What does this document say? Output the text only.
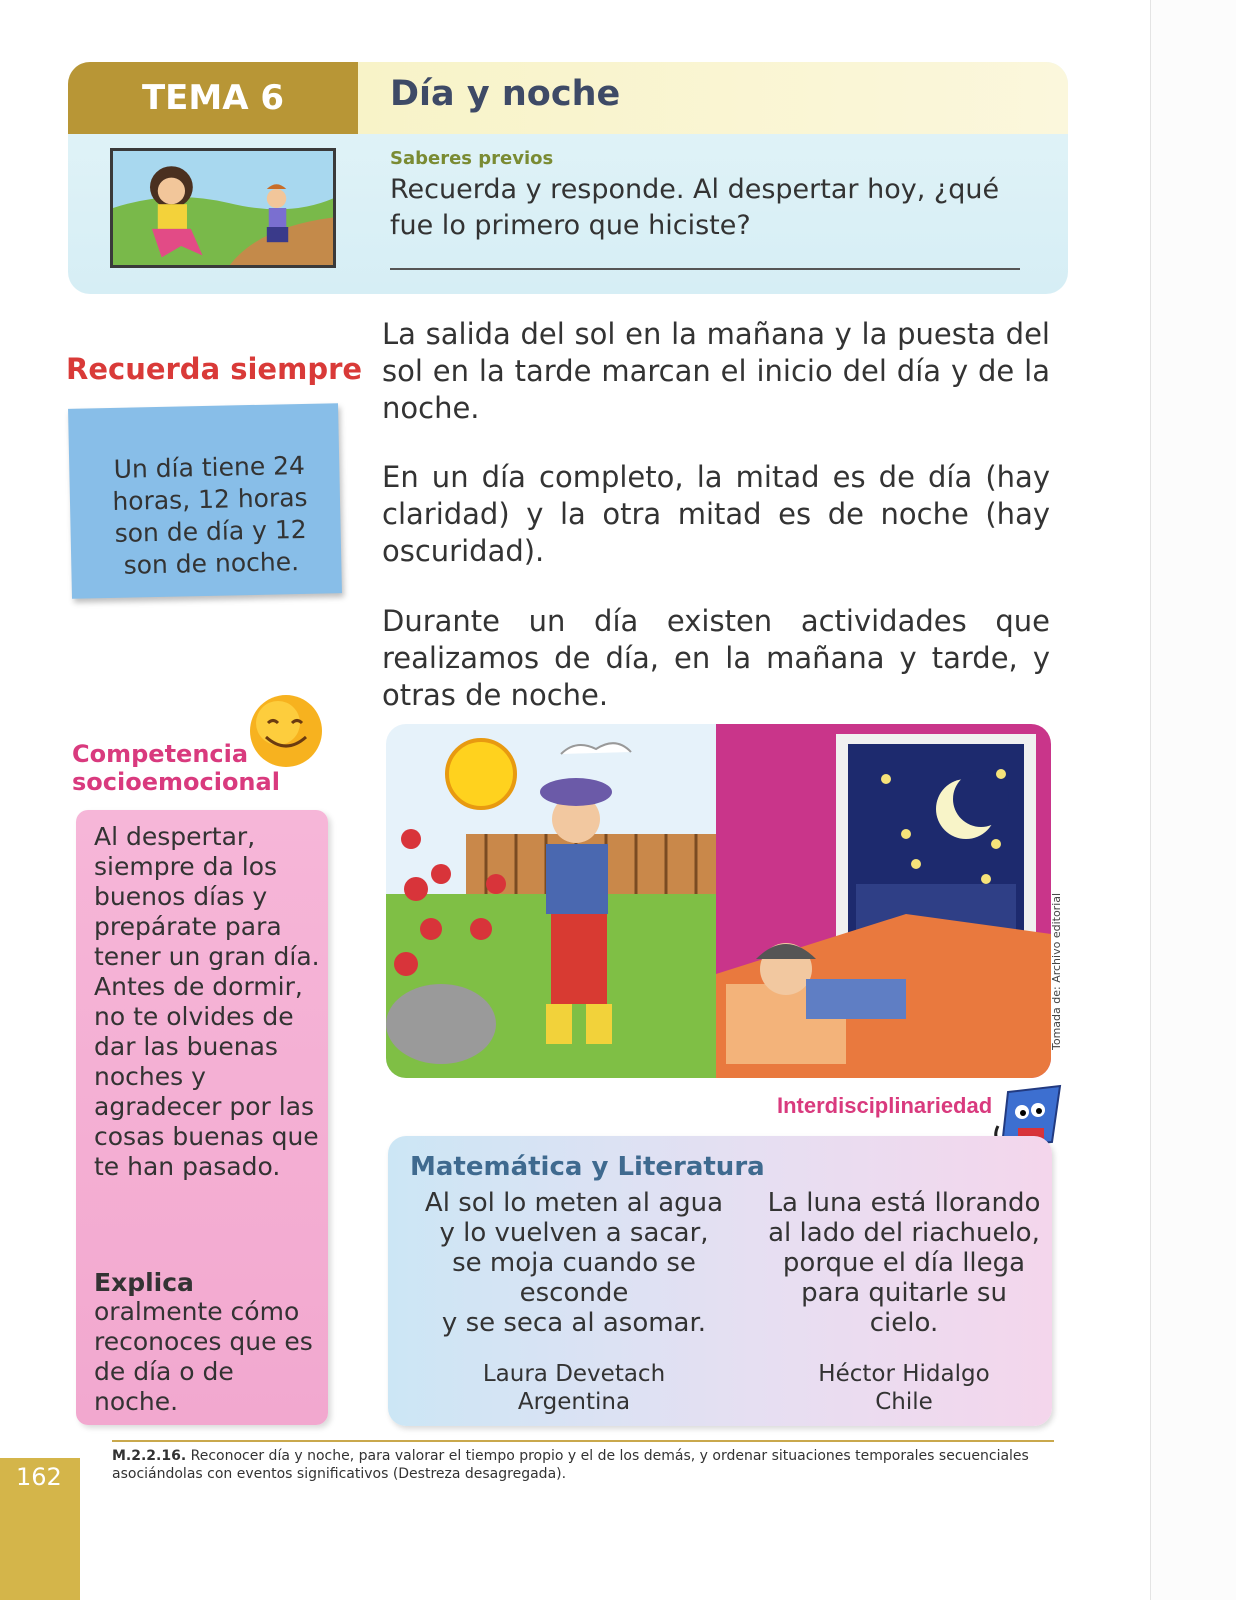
TEMA 6	Día y noche
Saberes previos
Recuerda y responde. Al despertar hoy, ¿qué fue lo primero que hiciste?
Recuerda siempre
Un día tiene 24 horas, 12 horas son de día y 12 son de noche.
La salida del sol en la mañana y la puesta del sol en la tarde marcan el inicio del día y de la noche.
En un día completo, la mitad es de día (hay claridad) y la otra mitad es de noche (hay oscuridad).
Durante un día existen actividades que realizamos de día, en la mañana y tarde, y otras de noche.
Competencia
socioemocional
Al despertar, siempre da los buenos días y prepárate para tener un gran día. Antes de dormir, no te olvides de dar las buenas noches y agradecer por las cosas buenas que te han pasado.
Explica
oralmente cómo reconoces que es de día o de noche.
Tomada de: Archivo editorial
Interdisciplinariedad
Matemática y Literatura
Al sol lo meten al agua
y lo vuelven a sacar,
se moja cuando se
esconde
y se seca al asomar.
Laura Devetach
Argentina
La luna está llorando
al lado del riachuelo,
porque el día llega
para quitarle su
cielo.
Héctor Hidalgo
Chile
M.2.2.16. Reconocer día y noche, para valorar el tiempo propio y el de los demás, y ordenar situaciones temporales secuenciales asociándolas con eventos significativos (Destreza desagregada).
162
